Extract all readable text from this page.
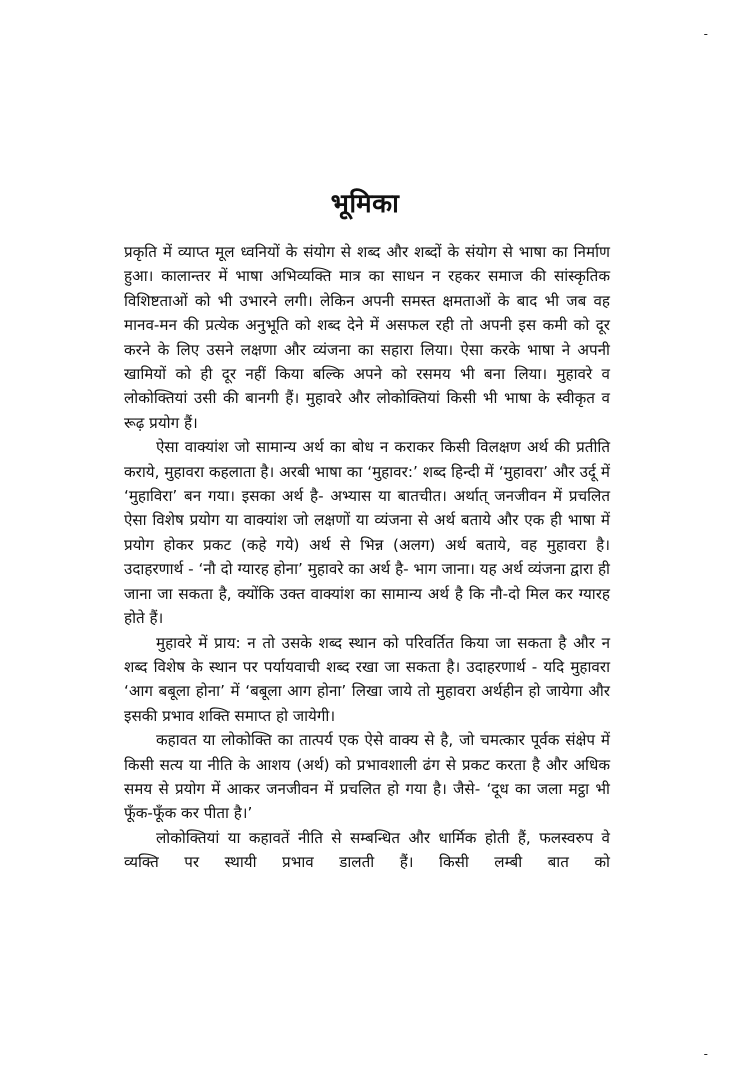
-
भूमिका

प्रकृति में व्याप्त मूल ध्वनियों के संयोग से शब्द और शब्दों के संयोग से भाषा का निर्माण हुआ। कालान्तर में भाषा अभिव्यक्ति मात्र का साधन न रहकर समाज की सांस्कृतिक विशिष्टताओं को भी उभारने लगी। लेकिन अपनी समस्त क्षमताओं के बाद भी जब वह मानव-मन की प्रत्येक अनुभूति को शब्द देने में असफल रही तो अपनी इस कमी को दूर करने के लिए उसने लक्षणा और व्यंजना का सहारा लिया। ऐसा करके भाषा ने अपनी खामियों को ही दूर नहीं किया बल्कि अपने को रसमय भी बना लिया। मुहावरे व लोकोक्तियां उसी की बानगी हैं। मुहावरे और लोकोक्तियां किसी भी भाषा के स्वीकृत व रूढ़ प्रयोग हैं।

ऐसा वाक्यांश जो सामान्य अर्थ का बोध न कराकर किसी विलक्षण अर्थ की प्रतीति कराये, मुहावरा कहलाता है। अरबी भाषा का ‘मुहावर:’ शब्द हिन्दी में ‘मुहावरा’ और उर्दू में ‘मुहाविरा’ बन गया। इसका अर्थ है- अभ्यास या बातचीत। अर्थात् जनजीवन में प्रचलित ऐसा विशेष प्रयोग या वाक्यांश जो लक्षणों या व्यंजना से अर्थ बताये और एक ही भाषा में प्रयोग होकर प्रकट (कहे गये) अर्थ से भिन्न (अलग) अर्थ बताये, वह मुहावरा है। उदाहरणार्थ - ‘नौ दो ग्यारह होना’ मुहावरे का अर्थ है- भाग जाना। यह अर्थ व्यंजना द्वारा ही जाना जा सकता है, क्योंकि उक्त वाक्यांश का सामान्य अर्थ है कि नौ-दो मिल कर ग्यारह होते हैं।

मुहावरे में प्राय: न तो उसके शब्द स्थान को परिवर्तित किया जा सकता है और न शब्द विशेष के स्थान पर पर्यायवाची शब्द रखा जा सकता है। उदाहरणार्थ - यदि मुहावरा ‘आग बबूला होना’ में ‘बबूला आग होना’ लिखा जाये तो मुहावरा अर्थहीन हो जायेगा और इसकी प्रभाव शक्ति समाप्त हो जायेगी।

कहावत या लोकोक्ति का तात्पर्य एक ऐसे वाक्य से है, जो चमत्कार पूर्वक संक्षेप में किसी सत्य या नीति के आशय (अर्थ) को प्रभावशाली ढंग से प्रकट करता है और अधिक समय से प्रयोग में आकर जनजीवन में प्रचलित हो गया है। जैसे- ‘दूध का जला मट्ठा भी फूँक-फूँक कर पीता है।’

लोकोक्तियां या कहावतें नीति से सम्बन्धित और धार्मिक होती हैं, फलस्वरुप वे व्यक्ति पर स्थायी प्रभाव डालती हैं। किसी लम्बी बात को

-
